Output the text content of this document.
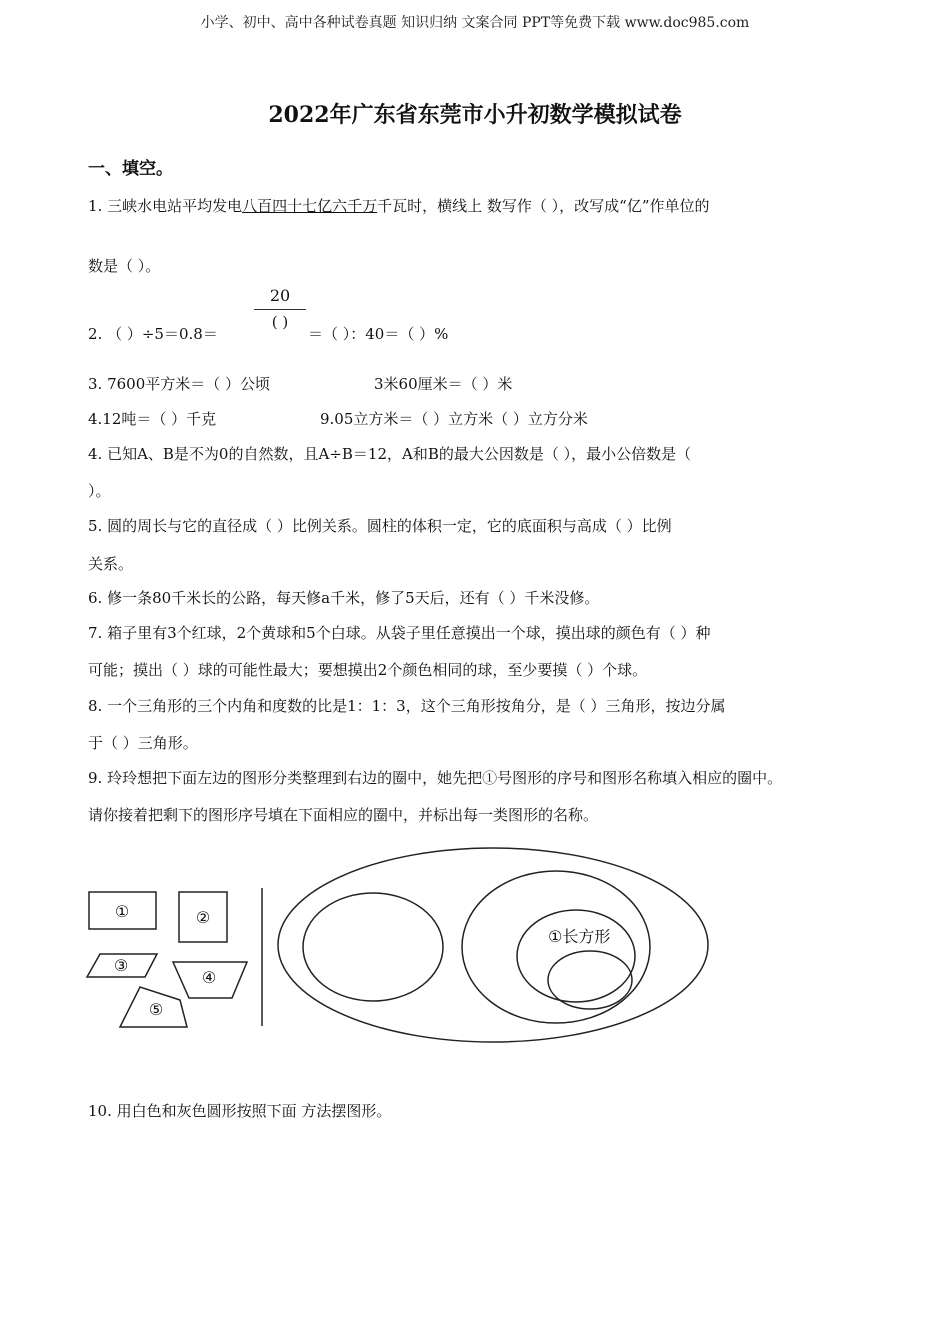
小学、初中、高中各种试卷真题 知识归纳 文案合同 PPT等免费下载 www.doc985.com
2022年广东省东莞市小升初数学模拟试卷
一、填空。
1. 三峡水电站平均发电八百四十七亿六千万千瓦时，横线上 数写作（ ），改写成“亿”作单位的
数是（ ）。
2. （ ）÷5＝0.8＝
20
( )
＝（ ）：40＝（ ）%
3. 7600平方米＝（ ）公顷	3米60厘米＝（ ）米
4.12吨＝（ ）千克	9.05立方米＝（ ）立方米（ ）立方分米
4. 已知A、B是不为0的自然数，且A÷B＝12，A和B的最大公因数是（ ），最小公倍数是（
）。
5. 圆的周长与它的直径成（ ）比例关系。圆柱的体积一定，它的底面积与高成（ ）比例
关系。
6. 修一条80千米长的公路，每天修a千米，修了5天后，还有（ ）千米没修。
7. 箱子里有3个红球，2个黄球和5个白球。从袋子里任意摸出一个球，摸出球的颜色有（ ）种
可能；摸出（ ）球的可能性最大；要想摸出2个颜色相同的球，至少要摸（ ）个球。
8. 一个三角形的三个内角和度数的比是1：1：3，这个三角形按角分，是（ ）三角形，按边分属
于（ ）三角形。
9. 玲玲想把下面左边的图形分类整理到右边的圈中，她先把①号图形的序号和图形名称填入相应的圈中。
请你接着把剩下的图形序号填在下面相应的圈中，并标出每一类图形的名称。
①	②
③
④
⑤
①长方形
10. 用白色和灰色圆形按照下面 方法摆图形。
